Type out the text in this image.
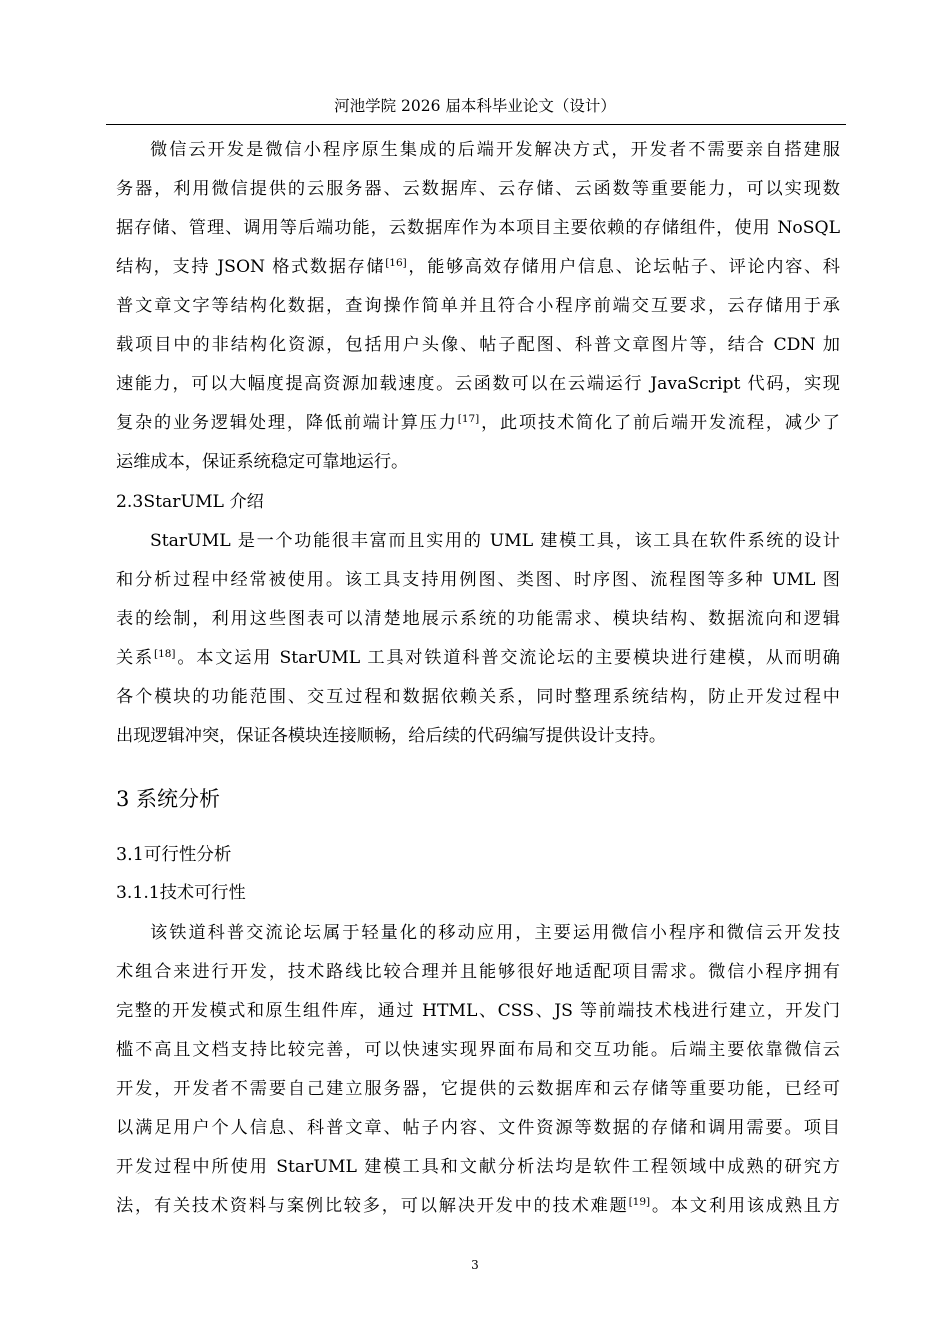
河池学院 2026 届本科毕业论文（设计）
微信云开发是微信小程序原生集成的后端开发解决方式，开发者不需要亲自搭建服
务器，利用微信提供的云服务器、云数据库、云存储、云函数等重要能力，可以实现数
据存储、管理、调用等后端功能，云数据库作为本项目主要依赖的存储组件，使用 NoSQL
结构，支持 JSON 格式数据存储[16]，能够高效存储用户信息、论坛帖子、评论内容、科
普文章文字等结构化数据，查询操作简单并且符合小程序前端交互要求，云存储用于承
载项目中的非结构化资源，包括用户头像、帖子配图、科普文章图片等，结合 CDN 加
速能力，可以大幅度提高资源加载速度。云函数可以在云端运行 JavaScript 代码，实现
复杂的业务逻辑处理，降低前端计算压力[17]，此项技术简化了前后端开发流程，减少了
运维成本，保证系统稳定可靠地运行。
2.3StarUML 介绍
StarUML 是一个功能很丰富而且实用的 UML 建模工具，该工具在软件系统的设计
和分析过程中经常被使用。该工具支持用例图、类图、时序图、流程图等多种 UML 图
表的绘制，利用这些图表可以清楚地展示系统的功能需求、模块结构、数据流向和逻辑
关系[18]。本文运用 StarUML 工具对铁道科普交流论坛的主要模块进行建模，从而明确
各个模块的功能范围、交互过程和数据依赖关系，同时整理系统结构，防止开发过程中
出现逻辑冲突，保证各模块连接顺畅，给后续的代码编写提供设计支持。
3 系统分析
3.1可行性分析
3.1.1技术可行性
该铁道科普交流论坛属于轻量化的移动应用，主要运用微信小程序和微信云开发技
术组合来进行开发，技术路线比较合理并且能够很好地适配项目需求。微信小程序拥有
完整的开发模式和原生组件库，通过 HTML、CSS、JS 等前端技术栈进行建立，开发门
槛不高且文档支持比较完善，可以快速实现界面布局和交互功能。后端主要依靠微信云
开发，开发者不需要自己建立服务器，它提供的云数据库和云存储等重要功能，已经可
以满足用户个人信息、科普文章、帖子内容、文件资源等数据的存储和调用需要。项目
开发过程中所使用 StarUML 建模工具和文献分析法均是软件工程领域中成熟的研究方
法，有关技术资料与案例比较多，可以解决开发中的技术难题[19]。本文利用该成熟且方
3
